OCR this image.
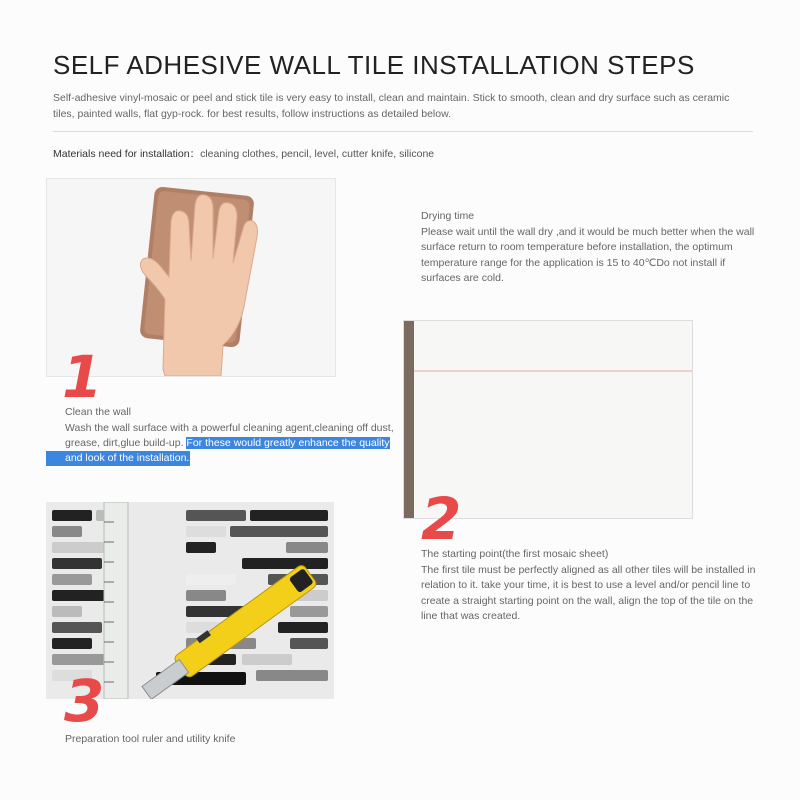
SELF ADHESIVE WALL TILE INSTALLATION STEPS
Self-adhesive vinyl-mosaic or peel and stick tile is very easy to install, clean and maintain. Stick to smooth, clean and dry surface such as ceramic tiles, painted walls, flat gyp-rock. for best results, follow instructions as detailed below.
Materials need for installation：cleaning clothes, pencil, level, cutter knife, silicone
1
Clean the wall
Wash the wall surface with a powerful cleaning agent,cleaning off dust, grease, dirt,glue build-up. For these would greatly enhance the quality
and look of the installation.
Drying time
Please wait until the wall dry ,and it would be much better when the wall surface return to room temperature before installation, the optimum temperature range for the application is 15 to 40℃Do not install if surfaces are cold.
2
The starting point(the first mosaic sheet)
The first tile must be perfectly aligned as all other tiles will be installed in relation to it. take your time, it is best to use a level and/or pencil line to create a straight starting point on the wall, align the top of the tile on the line that was created.
3
Preparation tool ruler and utility knife
